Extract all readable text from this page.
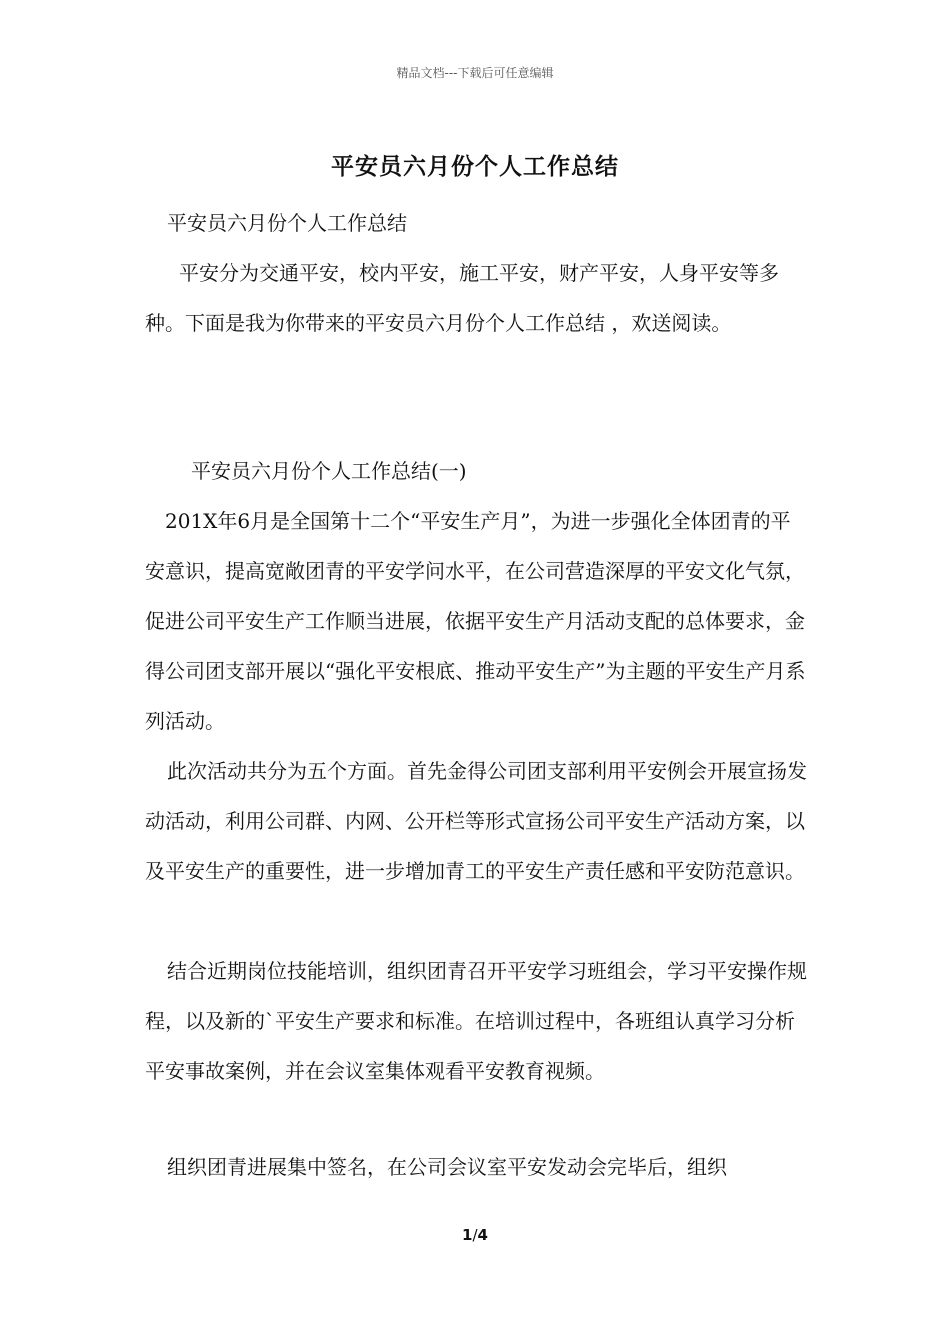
精品文档---下载后可任意编辑
平安员六月份个人工作总结

平安员六月份个人工作总结

平安分为交通平安，校内平安，施工平安，财产平安，人身平安等多种。下面是我为你带来的平安员六月份个人工作总结 ，欢送阅读。

平安员六月份个人工作总结(一)

201X年6月是全国第十二个“平安生产月”，为进一步强化全体团青的平安意识，提高宽敞团青的平安学问水平，在公司营造深厚的平安文化气氛，促进公司平安生产工作顺当进展，依据平安生产月活动支配的总体要求，金得公司团支部开展以“强化平安根底、推动平安生产”为主题的平安生产月系列活动。

此次活动共分为五个方面。首先金得公司团支部利用平安例会开展宣扬发动活动，利用公司群、内网、公开栏等形式宣扬公司平安生产活动方案，以及平安生产的重要性，进一步增加青工的平安生产责任感和平安防范意识。

结合近期岗位技能培训，组织团青召开平安学习班组会，学习平安操作规程，以及新的`平安生产要求和标准。在培训过程中，各班组认真学习分析平安事故案例，并在会议室集体观看平安教育视频。

组织团青进展集中签名，在公司会议室平安发动会完毕后，组织

1/4
